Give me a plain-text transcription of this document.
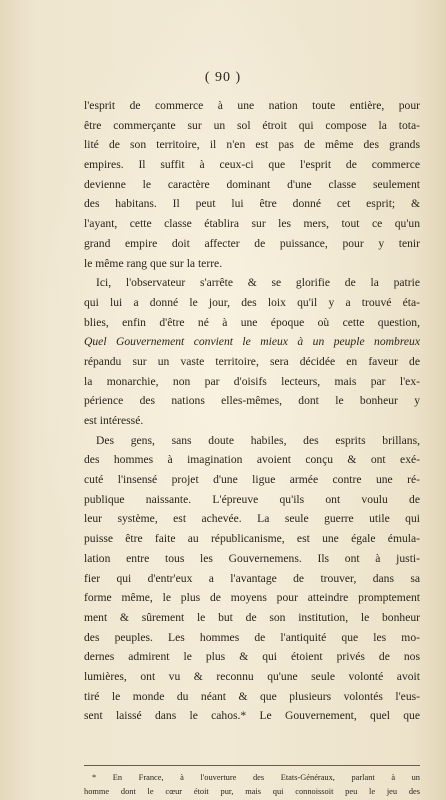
( 90 )
l'esprit de commerce à une nation toute entière, pour
être commerçante sur un sol étroit qui compose la tota-
lité de son territoire, il n'en est pas de même des grands
empires. Il suffit à ceux-ci que l'esprit de commerce
devienne le caractère dominant d'une classe seulement
des habitans. Il peut lui être donné cet esprit; &
l'ayant, cette classe établira sur les mers, tout ce qu'un
grand empire doit affecter de puissance, pour y tenir
le même rang que sur la terre.
Ici, l'observateur s'arrête & se glorifie de la patrie
qui lui a donné le jour, des loix qu'il y a trouvé éta-
blies, enfin d'être né à une époque où cette question,
Quel Gouvernement convient le mieux à un peuple nombreux
répandu sur un vaste territoire, sera décidée en faveur de
la monarchie, non par d'oisifs lecteurs, mais par l'ex-
périence des nations elles-mêmes, dont le bonheur y
est intéressé.
Des gens, sans doute habiles, des esprits brillans,
des hommes à imagination avoient conçu & ont exé-
cuté l'insensé projet d'une ligue armée contre une ré-
publique naissante. L'épreuve qu'ils ont voulu de
leur système, est achevée. La seule guerre utile qui
puisse être faite au républicanisme, est une égale émula-
lation entre tous les Gouvernemens. Ils ont à justi-
fier qui d'entr'eux a l'avantage de trouver, dans sa
forme même, le plus de moyens pour atteindre promptement
ment & sûrement le but de son institution, le bonheur
des peuples. Les hommes de l'antiquité que les mo-
dernes admirent le plus & qui étoient privés de nos
lumières, ont vu & reconnu qu'une seule volonté avoit
tiré le monde du néant & que plusieurs volontés l'eus-
sent laissé dans le cahos.* Le Gouvernement, quel que
* En France, à l'ouverture des Etats-Généraux, parlant à un
homme dont le cœur étoit pur, mais qui connoissoit peu le jeu des
